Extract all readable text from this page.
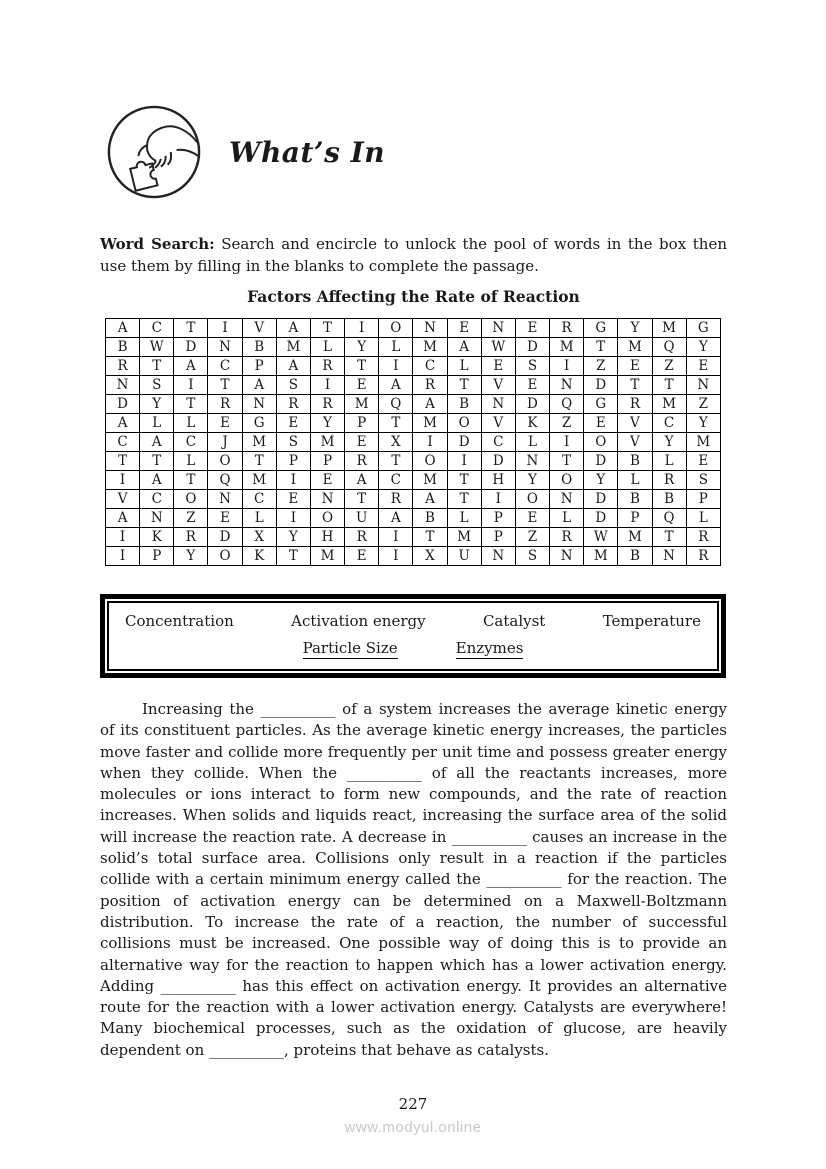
What’s In

Word Search: Search and encircle to unlock the pool of words in the box then use them by filling in the blanks to complete the passage.

Factors Affecting the Rate of Reaction
A	C	T	I	V	A	T	I	O	N	E	N	E	R	G	Y	M	G
B	W	D	N	B	M	L	Y	L	M	A	W	D	M	T	M	Q	Y
R	T	A	C	P	A	R	T	I	C	L	E	S	I	Z	E	Z	E
N	S	I	T	A	S	I	E	A	R	T	V	E	N	D	T	T	N
D	Y	T	R	N	R	R	M	Q	A	B	N	D	Q	G	R	M	Z
A	L	L	E	G	E	Y	P	T	M	O	V	K	Z	E	V	C	Y
C	A	C	J	M	S	M	E	X	I	D	C	L	I	O	V	Y	M
T	T	L	O	T	P	P	R	T	O	I	D	N	T	D	B	L	E
I	A	T	Q	M	I	E	A	C	M	T	H	Y	O	Y	L	R	S
V	C	O	N	C	E	N	T	R	A	T	I	O	N	D	B	B	P
A	N	Z	E	L	I	O	U	A	B	L	P	E	L	D	P	Q	L
I	K	R	D	X	Y	H	R	I	T	M	P	Z	R	W	M	T	R
I	P	Y	O	K	T	M	E	I	X	U	N	S	N	M	B	N	R
Concentration	Activation energy	Catalyst	Temperature
Particle Size	Enzymes

Increasing the __________ of a system increases the average kinetic energy of its constituent particles. As the average kinetic energy increases, the particles move faster and collide more frequently per unit time and possess greater energy when they collide. When the __________ of all the reactants increases, more molecules or ions interact to form new compounds, and the rate of reaction increases. When solids and liquids react, increasing the surface area of the solid will increase the reaction rate. A decrease in __________ causes an increase in the solid’s total surface area. Collisions only result in a reaction if the particles collide with a certain minimum energy called the __________ for the reaction. The position of activation energy can be determined on a Maxwell-Boltzmann distribution. To increase the rate of a reaction, the number of successful collisions must be increased. One possible way of doing this is to provide an alternative way for the reaction to happen which has a lower activation energy. Adding __________ has this effect on activation energy. It provides an alternative route for the reaction with a lower activation energy. Catalysts are everywhere! Many biochemical processes, such as the oxidation of glucose, are heavily dependent on __________, proteins that behave as catalysts.

227
www.modyul.online
